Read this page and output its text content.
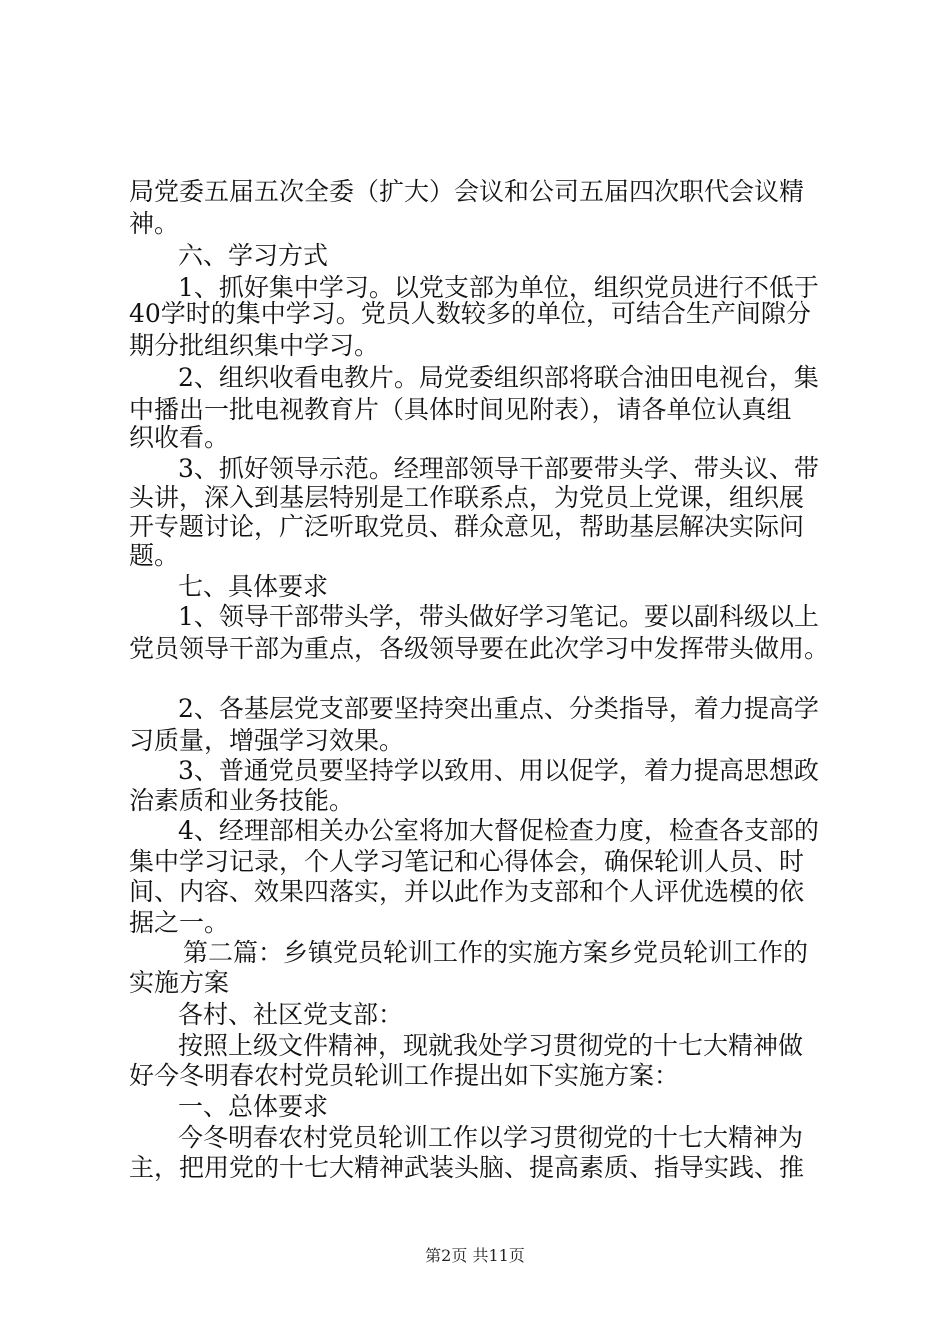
局党委五届五次全委（扩大）会议和公司五届四次职代会议精
神。
六、学习方式
1、抓好集中学习。以党支部为单位，组织党员进行不低于
40学时的集中学习。党员人数较多的单位，可结合生产间隙分
期分批组织集中学习。
2、组织收看电教片。局党委组织部将联合油田电视台，集
中播出一批电视教育片（具体时间见附表），请各单位认真组
织收看。
3、抓好领导示范。经理部领导干部要带头学、带头议、带
头讲，深入到基层特别是工作联系点，为党员上党课，组织展
开专题讨论，广泛听取党员、群众意见，帮助基层解决实际问
题。
七、具体要求
1、领导干部带头学，带头做好学习笔记。要以副科级以上
党员领导干部为重点，各级领导要在此次学习中发挥带头做用。
2、各基层党支部要坚持突出重点、分类指导，着力提高学
习质量，增强学习效果。
3、普通党员要坚持学以致用、用以促学，着力提高思想政
治素质和业务技能。
4、经理部相关办公室将加大督促检查力度，检查各支部的
集中学习记录，个人学习笔记和心得体会，确保轮训人员、时
间、内容、效果四落实，并以此作为支部和个人评优选模的依
据之一。
第二篇：乡镇党员轮训工作的实施方案乡党员轮训工作的
实施方案
各村、社区党支部：
按照上级文件精神，现就我处学习贯彻党的十七大精神做
好今冬明春农村党员轮训工作提出如下实施方案：
一、总体要求
今冬明春农村党员轮训工作以学习贯彻党的十七大精神为
主，把用党的十七大精神武装头脑、提高素质、指导实践、推
第2页 共11页
